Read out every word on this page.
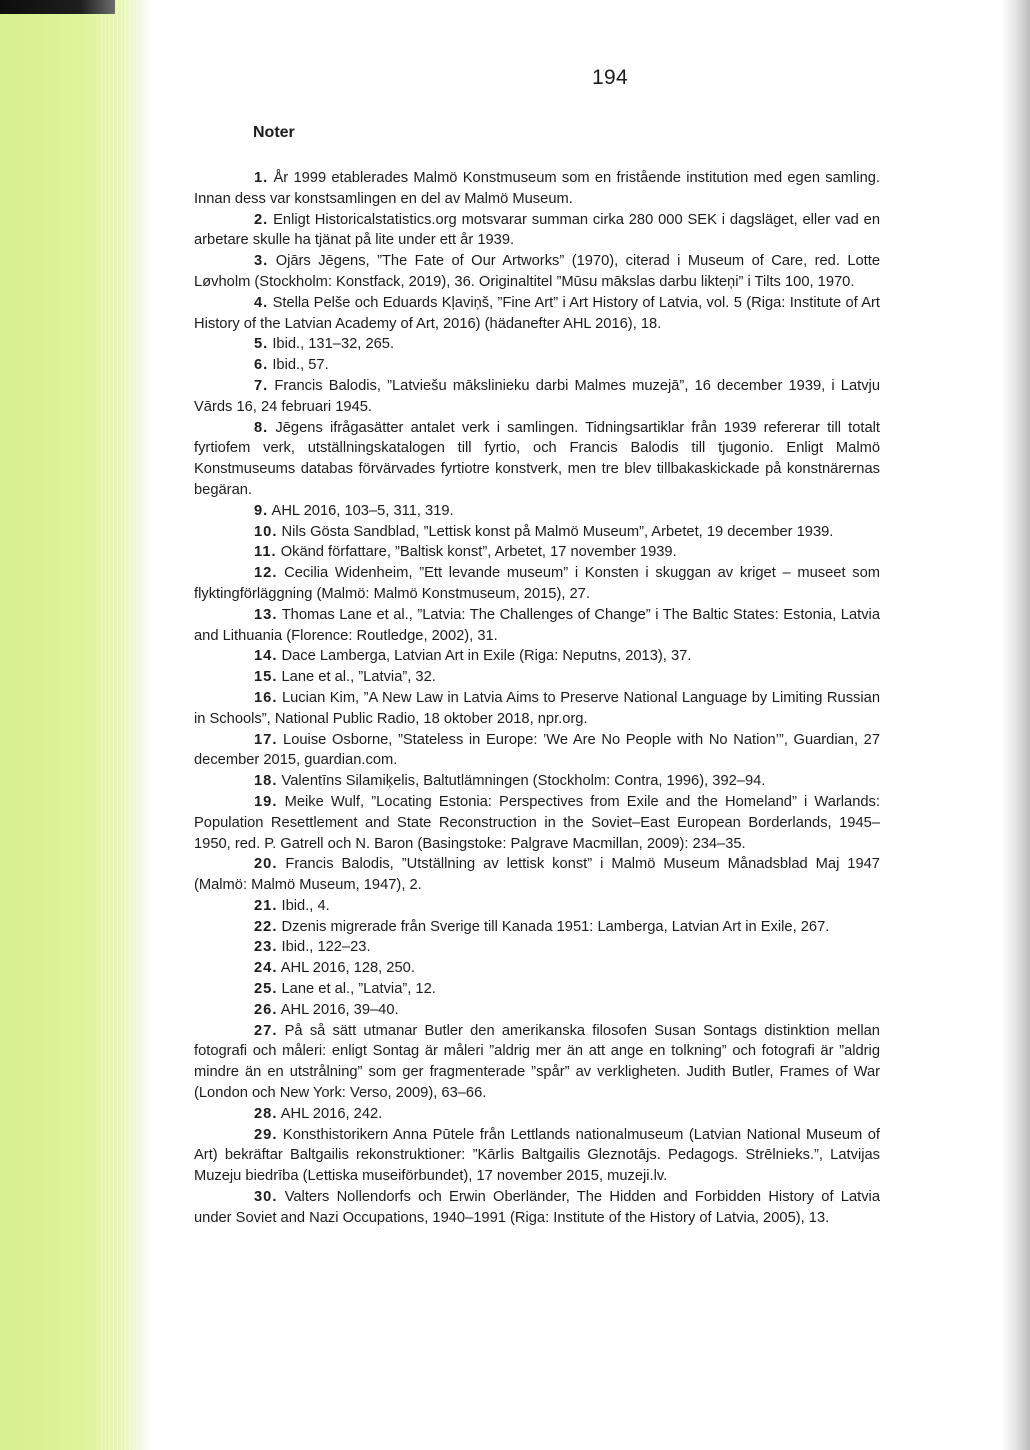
194
Noter
1. År 1999 etablerades Malmö Konstmuseum som en fristående institution med egen samling. Innan dess var konstsamlingen en del av Malmö Museum.
2. Enligt Historicalstatistics.org motsvarar summan cirka 280 000 SEK i dagsläget, eller vad en arbetare skulle ha tjänat på lite under ett år 1939.
3. Ojārs Jēgens, ”The Fate of Our Artworks” (1970), citerad i Museum of Care, red. Lotte Løvholm (Stockholm: Konstfack, 2019), 36. Originaltitel ”Mūsu mākslas darbu likteņi” i Tilts 100, 1970.
4. Stella Pelše och Eduards Kļaviņš, ”Fine Art” i Art History of Latvia, vol. 5 (Riga: Institute of Art History of the Latvian Academy of Art, 2016) (hädanefter AHL 2016), 18.
5. Ibid., 131–32, 265.
6. Ibid., 57.
7. Francis Balodis, ”Latviešu mākslinieku darbi Malmes muzejā”, 16 december 1939, i Latvju Vārds 16, 24 februari 1945.
8. Jēgens ifrågasätter antalet verk i samlingen. Tidningsartiklar från 1939 refererar till totalt fyrtiofem verk, utställningskatalogen till fyrtio, och Francis Balodis till tjugonio. Enligt Malmö Konstmuseums databas förvärvades fyrtiotre konstverk, men tre blev tillbakaskickade på konstnärernas begäran.
9. AHL 2016, 103–5, 311, 319.
10. Nils Gösta Sandblad, ”Lettisk konst på Malmö Museum”, Arbetet, 19 december 1939.
11. Okänd författare, ”Baltisk konst”, Arbetet, 17 november 1939.
12. Cecilia Widenheim, ”Ett levande museum” i Konsten i skuggan av kriget – museet som flyktingförläggning (Malmö: Malmö Konstmuseum, 2015), 27.
13. Thomas Lane et al., ”Latvia: The Challenges of Change” i The Baltic States: Estonia, Latvia and Lithuania (Florence: Routledge, 2002), 31.
14. Dace Lamberga, Latvian Art in Exile (Riga: Neputns, 2013), 37.
15. Lane et al., ”Latvia”, 32.
16. Lucian Kim, ”A New Law in Latvia Aims to Preserve National Language by Limiting Russian in Schools”, National Public Radio, 18 oktober 2018, npr.org.
17. Louise Osborne, ”Stateless in Europe: ’We Are No People with No Nation’”, Guardian, 27 december 2015, guardian.com.
18. Valentīns Silamiķelis, Baltutlämningen (Stockholm: Contra, 1996), 392–94.
19. Meike Wulf, ”Locating Estonia: Perspectives from Exile and the Homeland” i Warlands: Population Resettlement and State Reconstruction in the Soviet–East European Borderlands, 1945–1950, red. P. Gatrell och N. Baron (Basingstoke: Palgrave Macmillan, 2009): 234–35.
20. Francis Balodis, ”Utställning av lettisk konst” i Malmö Museum Månadsblad Maj 1947 (Malmö: Malmö Museum, 1947), 2.
21. Ibid., 4.
22. Dzenis migrerade från Sverige till Kanada 1951: Lamberga, Latvian Art in Exile, 267.
23. Ibid., 122–23.
24. AHL 2016, 128, 250.
25. Lane et al., ”Latvia”, 12.
26. AHL 2016, 39–40.
27. På så sätt utmanar Butler den amerikanska filosofen Susan Sontags distinktion mellan fotografi och måleri: enligt Sontag är måleri ”aldrig mer än att ange en tolkning” och fotografi är ”aldrig mindre än en utstrålning” som ger fragmenterade ”spår” av verkligheten. Judith Butler, Frames of War (London och New York: Verso, 2009), 63–66.
28. AHL 2016, 242.
29. Konsthistorikern Anna Pūtele från Lettlands nationalmuseum (Latvian National Museum of Art) bekräftar Baltgailis rekonstruktioner: ”Kārlis Baltgailis Gleznotājs. Pedagogs. Strēlnieks.”, Latvijas Muzeju biedrība (Lettiska museiförbundet), 17 november 2015, muzeji.lv.
30. Valters Nollendorfs och Erwin Oberländer, The Hidden and Forbidden History of Latvia under Soviet and Nazi Occupations, 1940–1991 (Riga: Institute of the History of Latvia, 2005), 13.
